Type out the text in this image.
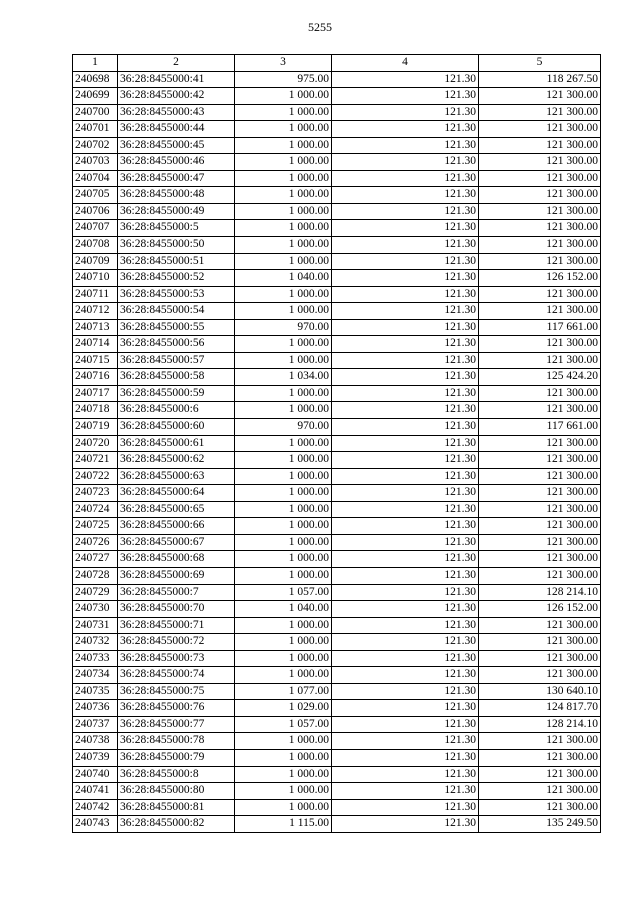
5255
1	2	3	4	5
240698	36:28:8455000:41	975.00	121.30	118 267.50
240699	36:28:8455000:42	1 000.00	121.30	121 300.00
240700	36:28:8455000:43	1 000.00	121.30	121 300.00
240701	36:28:8455000:44	1 000.00	121.30	121 300.00
240702	36:28:8455000:45	1 000.00	121.30	121 300.00
240703	36:28:8455000:46	1 000.00	121.30	121 300.00
240704	36:28:8455000:47	1 000.00	121.30	121 300.00
240705	36:28:8455000:48	1 000.00	121.30	121 300.00
240706	36:28:8455000:49	1 000.00	121.30	121 300.00
240707	36:28:8455000:5	1 000.00	121.30	121 300.00
240708	36:28:8455000:50	1 000.00	121.30	121 300.00
240709	36:28:8455000:51	1 000.00	121.30	121 300.00
240710	36:28:8455000:52	1 040.00	121.30	126 152.00
240711	36:28:8455000:53	1 000.00	121.30	121 300.00
240712	36:28:8455000:54	1 000.00	121.30	121 300.00
240713	36:28:8455000:55	970.00	121.30	117 661.00
240714	36:28:8455000:56	1 000.00	121.30	121 300.00
240715	36:28:8455000:57	1 000.00	121.30	121 300.00
240716	36:28:8455000:58	1 034.00	121.30	125 424.20
240717	36:28:8455000:59	1 000.00	121.30	121 300.00
240718	36:28:8455000:6	1 000.00	121.30	121 300.00
240719	36:28:8455000:60	970.00	121.30	117 661.00
240720	36:28:8455000:61	1 000.00	121.30	121 300.00
240721	36:28:8455000:62	1 000.00	121.30	121 300.00
240722	36:28:8455000:63	1 000.00	121.30	121 300.00
240723	36:28:8455000:64	1 000.00	121.30	121 300.00
240724	36:28:8455000:65	1 000.00	121.30	121 300.00
240725	36:28:8455000:66	1 000.00	121.30	121 300.00
240726	36:28:8455000:67	1 000.00	121.30	121 300.00
240727	36:28:8455000:68	1 000.00	121.30	121 300.00
240728	36:28:8455000:69	1 000.00	121.30	121 300.00
240729	36:28:8455000:7	1 057.00	121.30	128 214.10
240730	36:28:8455000:70	1 040.00	121.30	126 152.00
240731	36:28:8455000:71	1 000.00	121.30	121 300.00
240732	36:28:8455000:72	1 000.00	121.30	121 300.00
240733	36:28:8455000:73	1 000.00	121.30	121 300.00
240734	36:28:8455000:74	1 000.00	121.30	121 300.00
240735	36:28:8455000:75	1 077.00	121.30	130 640.10
240736	36:28:8455000:76	1 029.00	121.30	124 817.70
240737	36:28:8455000:77	1 057.00	121.30	128 214.10
240738	36:28:8455000:78	1 000.00	121.30	121 300.00
240739	36:28:8455000:79	1 000.00	121.30	121 300.00
240740	36:28:8455000:8	1 000.00	121.30	121 300.00
240741	36:28:8455000:80	1 000.00	121.30	121 300.00
240742	36:28:8455000:81	1 000.00	121.30	121 300.00
240743	36:28:8455000:82	1 115.00	121.30	135 249.50
